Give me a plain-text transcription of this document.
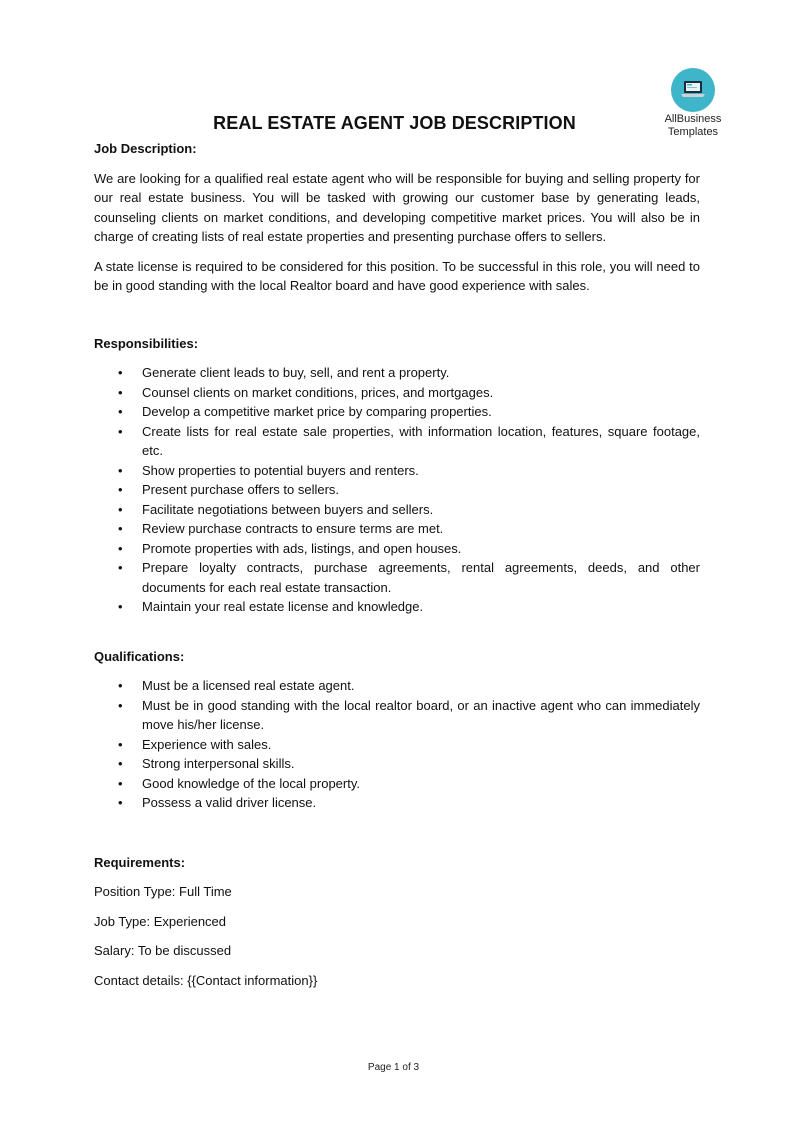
AllBusiness
Templates
REAL ESTATE AGENT JOB DESCRIPTION

Job Description:

We are looking for a qualified real estate agent who will be responsible for buying and selling property for our real estate business. You will be tasked with growing our customer base by generating leads, counseling clients on market conditions, and developing competitive market prices. You will also be in charge of creating lists of real estate properties and presenting purchase offers to sellers.

A state license is required to be considered for this position. To be successful in this role, you will need to be in good standing with the local Realtor board and have good experience with sales.

Responsibilities:

• Generate client leads to buy, sell, and rent a property.
• Counsel clients on market conditions, prices, and mortgages.
• Develop a competitive market price by comparing properties.
• Create lists for real estate sale properties, with information location, features, square footage, etc.
• Show properties to potential buyers and renters.
• Present purchase offers to sellers.
• Facilitate negotiations between buyers and sellers.
• Review purchase contracts to ensure terms are met.
• Promote properties with ads, listings, and open houses.
• Prepare loyalty contracts, purchase agreements, rental agreements, deeds, and other documents for each real estate transaction.
• Maintain your real estate license and knowledge.

Qualifications:

• Must be a licensed real estate agent.
• Must be in good standing with the local realtor board, or an inactive agent who can immediately move his/her license.
• Experience with sales.
• Strong interpersonal skills.
• Good knowledge of the local property.
• Possess a valid driver license.

Requirements:

Position Type: Full Time

Job Type: Experienced

Salary: To be discussed

Contact details: {{Contact information}}

Page 1 of 3
